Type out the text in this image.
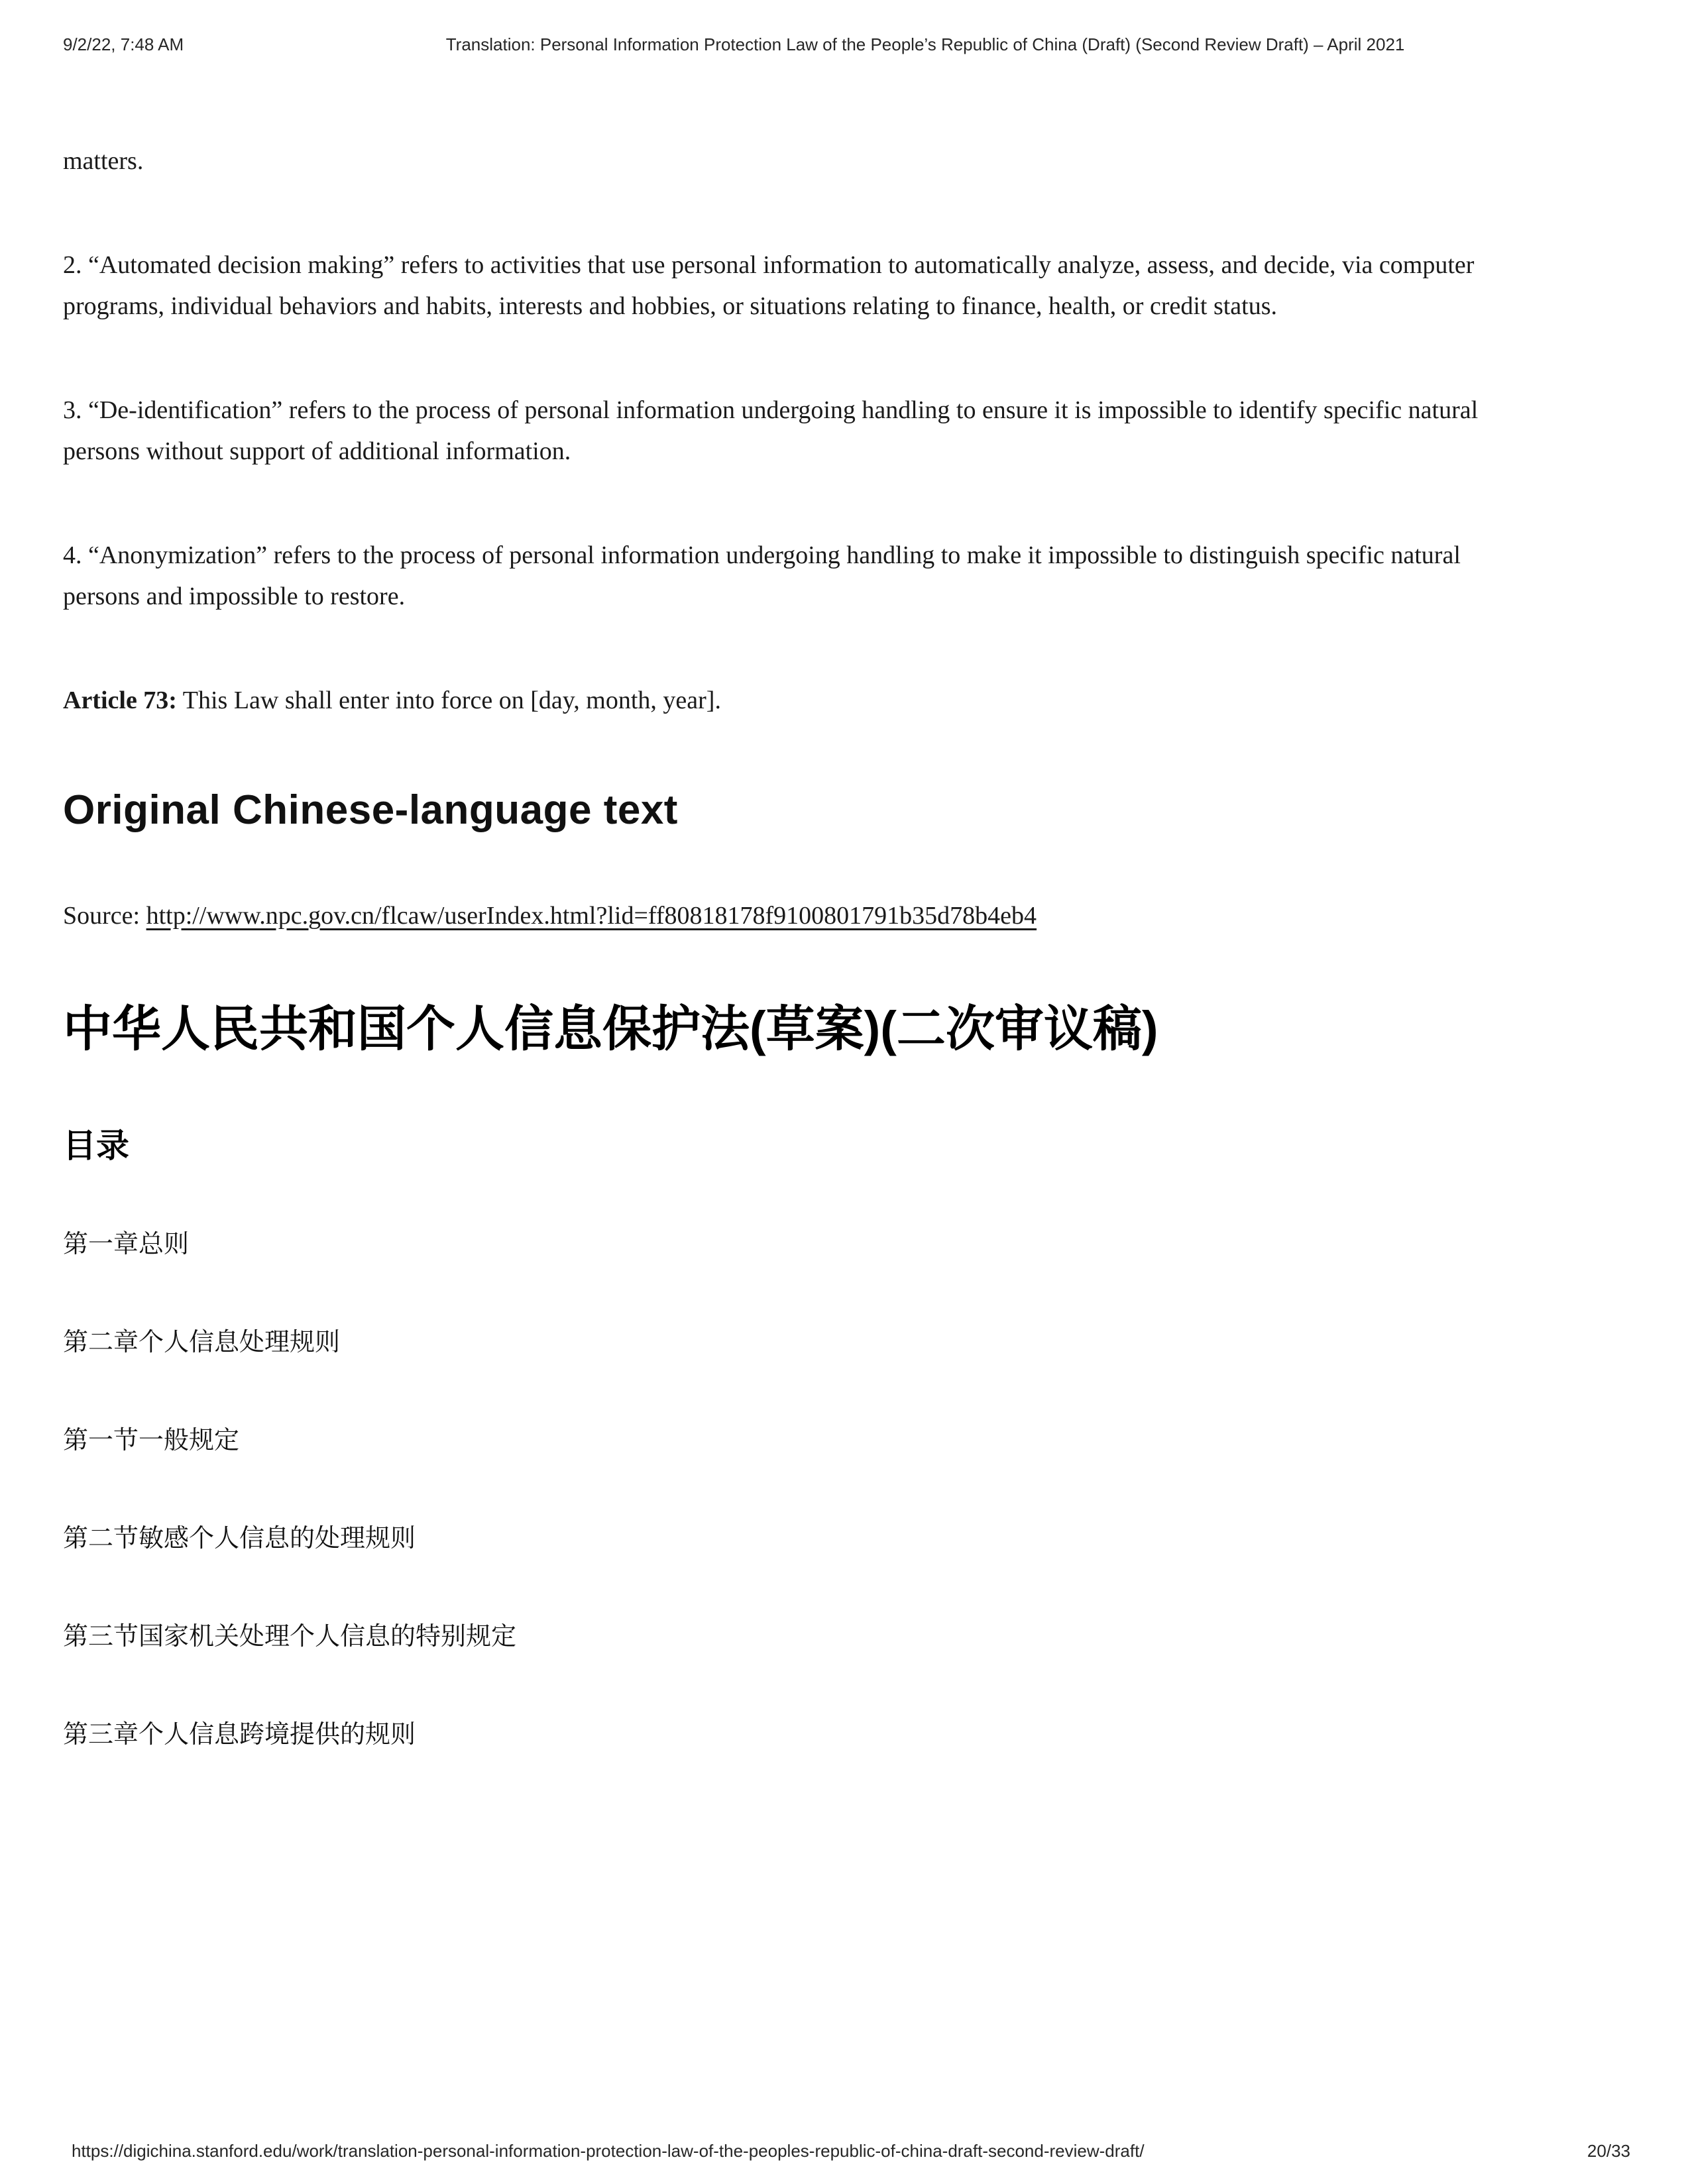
9/2/22, 7:48 AM	Translation: Personal Information Protection Law of the People’s Republic of China (Draft) (Second Review Draft) – April 2021

matters.

2. “Automated decision making” refers to activities that use personal information to automatically analyze, assess, and decide, via computer programs, individual behaviors and habits, interests and hobbies, or situations relating to finance, health, or credit status.

3. “De-identification” refers to the process of personal information undergoing handling to ensure it is impossible to identify specific natural persons without support of additional information.

4. “Anonymization” refers to the process of personal information undergoing handling to make it impossible to distinguish specific natural persons and impossible to restore.

Article 73: This Law shall enter into force on [day, month, year].

Original Chinese-language text

Source: http://www.npc.gov.cn/flcaw/userIndex.html?lid=ff80818178f9100801791b35d78b4eb4

中华人民共和国个人信息保护法(草案)(二次审议稿)
目录

第一章总则

第二章个人信息处理规则

第一节一般规定

第二节敏感个人信息的处理规则

第三节国家机关处理个人信息的特别规定

第三章个人信息跨境提供的规则

https://digichina.stanford.edu/work/translation-personal-information-protection-law-of-the-peoples-republic-of-china-draft-second-review-draft/	20/33
